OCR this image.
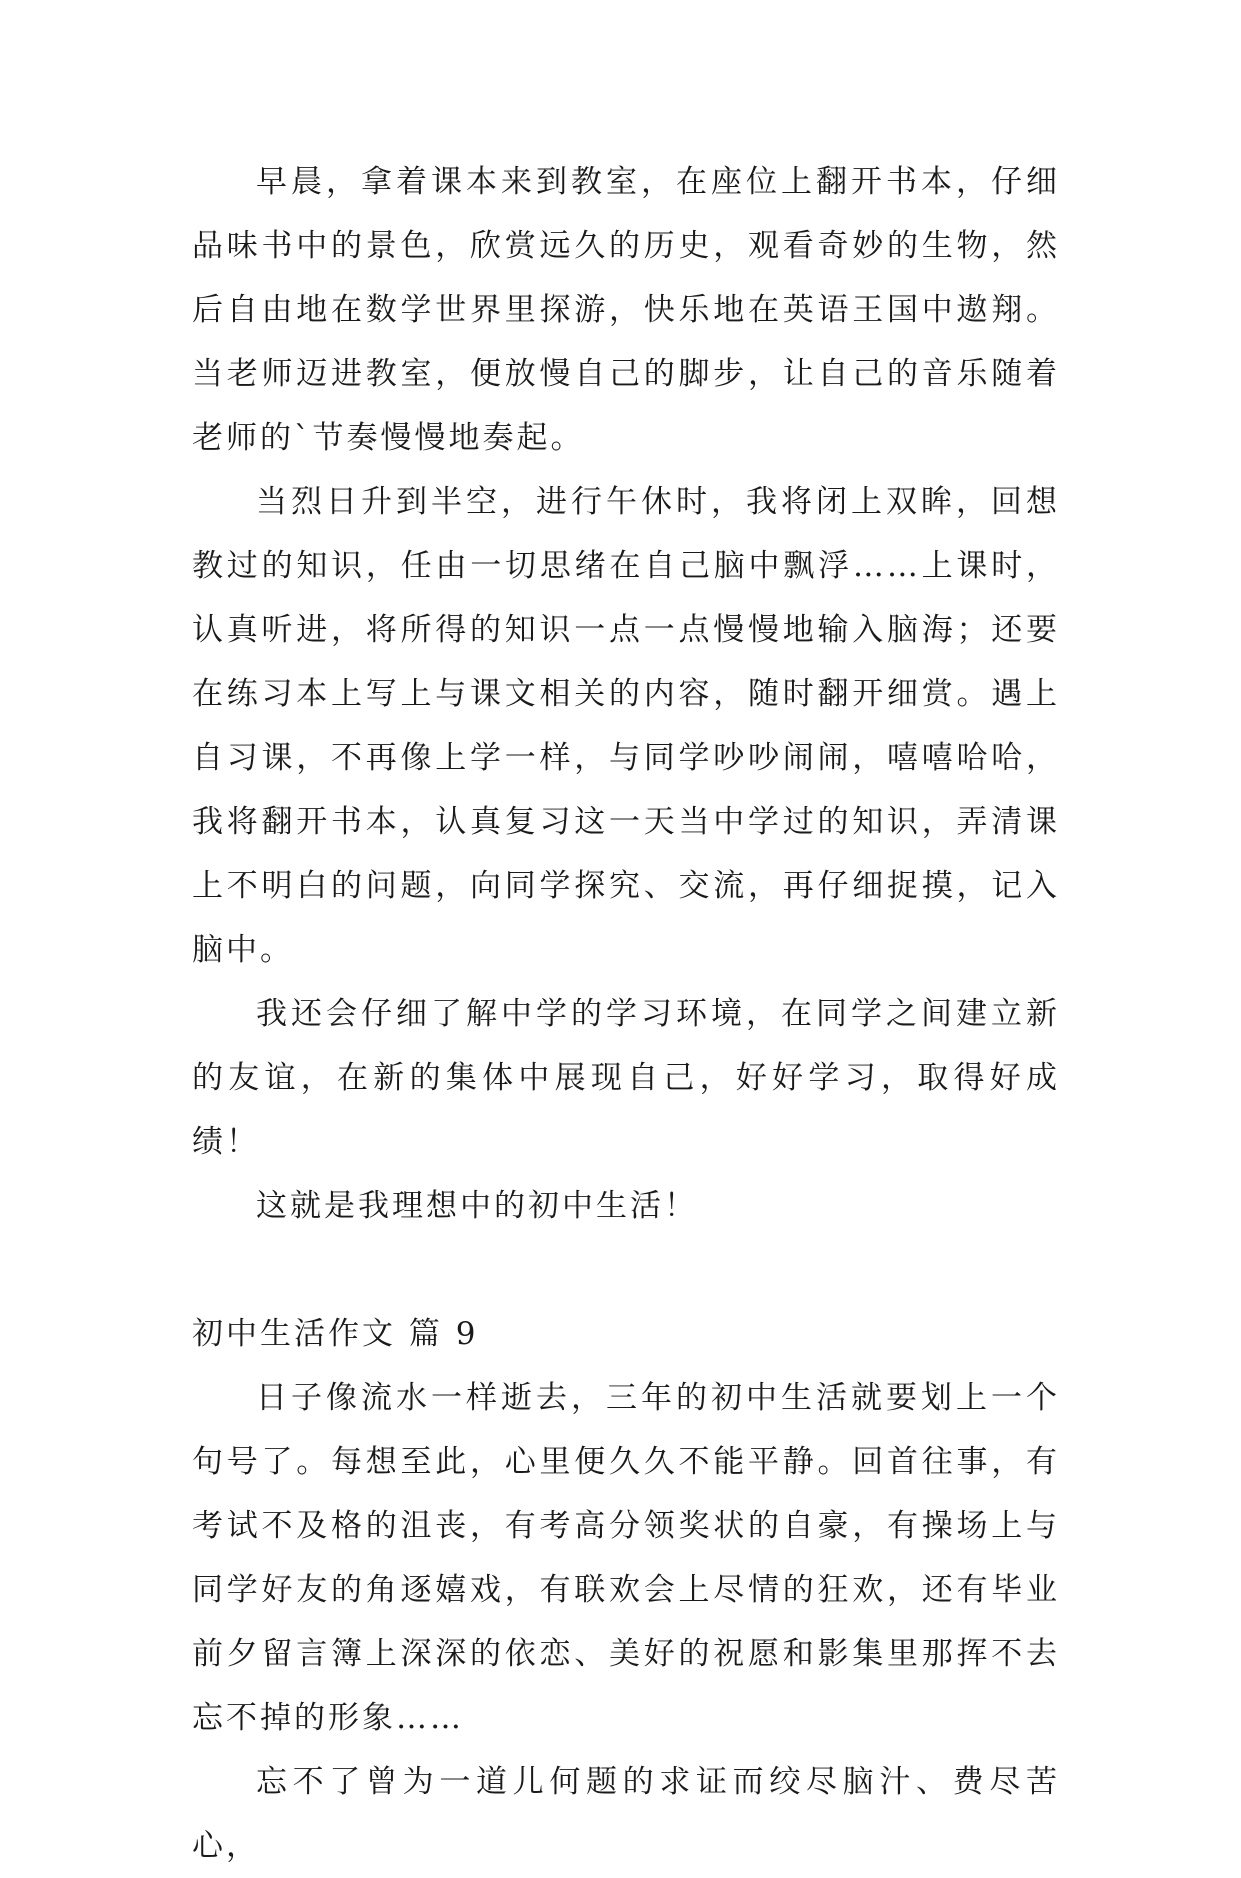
早晨，拿着课本来到教室，在座位上翻开书本，仔细品味书中的景色，欣赏远久的历史，观看奇妙的生物，然后自由地在数学世界里探游，快乐地在英语王国中遨翔。当老师迈进教室，便放慢自己的脚步，让自己的音乐随着老师的`节奏慢慢地奏起。

当烈日升到半空，进行午休时，我将闭上双眸，回想教过的知识，任由一切思绪在自己脑中飘浮……上课时，认真听进，将所得的知识一点一点慢慢地输入脑海；还要在练习本上写上与课文相关的内容，随时翻开细赏。遇上自习课，不再像上学一样，与同学吵吵闹闹，嘻嘻哈哈，我将翻开书本，认真复习这一天当中学过的知识，弄清课上不明白的问题，向同学探究、交流，再仔细捉摸，记入脑中。

我还会仔细了解中学的学习环境，在同学之间建立新的友谊，在新的集体中展现自己，好好学习，取得好成绩！

这就是我理想中的初中生活！

初中生活作文 篇 9

日子像流水一样逝去，三年的初中生活就要划上一个句号了。每想至此，心里便久久不能平静。回首往事，有考试不及格的沮丧，有考高分领奖状的自豪，有操场上与同学好友的角逐嬉戏，有联欢会上尽情的狂欢，还有毕业前夕留言簿上深深的依恋、美好的祝愿和影集里那挥不去忘不掉的形象……

忘不了曾为一道儿何题的求证而绞尽脑汁、费尽苦心，
